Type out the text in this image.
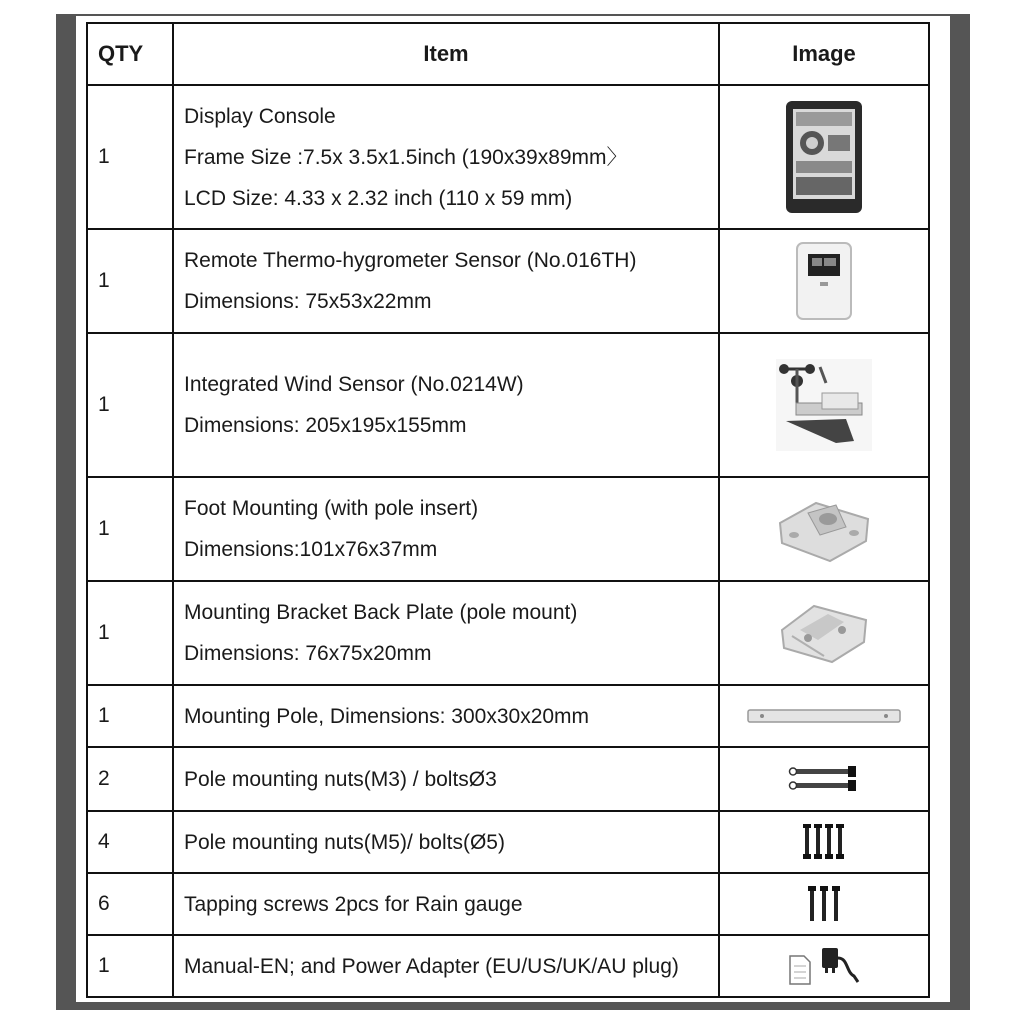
QTY	Item	Image
1	Display Console
Frame Size :7.5x 3.5x1.5inch (190x39x89mm〉
LCD Size: 4.33 x 2.32 inch (110 x 59 mm)

1	Remote Thermo-hygrometer Sensor (No.016TH)
Dimensions: 75x53x22mm

1	Integrated Wind Sensor (No.0214W)
Dimensions: 205x195x155mm

1	Foot Mounting (with pole insert)
Dimensions:101x76x37mm

1	Mounting Bracket Back Plate (pole mount)
Dimensions: 76x75x20mm

1	Mounting Pole, Dimensions: 300x30x20mm

2	Pole mounting nuts(M3) / boltsØ3

4	Pole mounting nuts(M5)/ bolts(Ø5)

6	Tapping screws 2pcs for Rain gauge

1	Manual-EN; and Power Adapter (EU/US/UK/AU plug)
